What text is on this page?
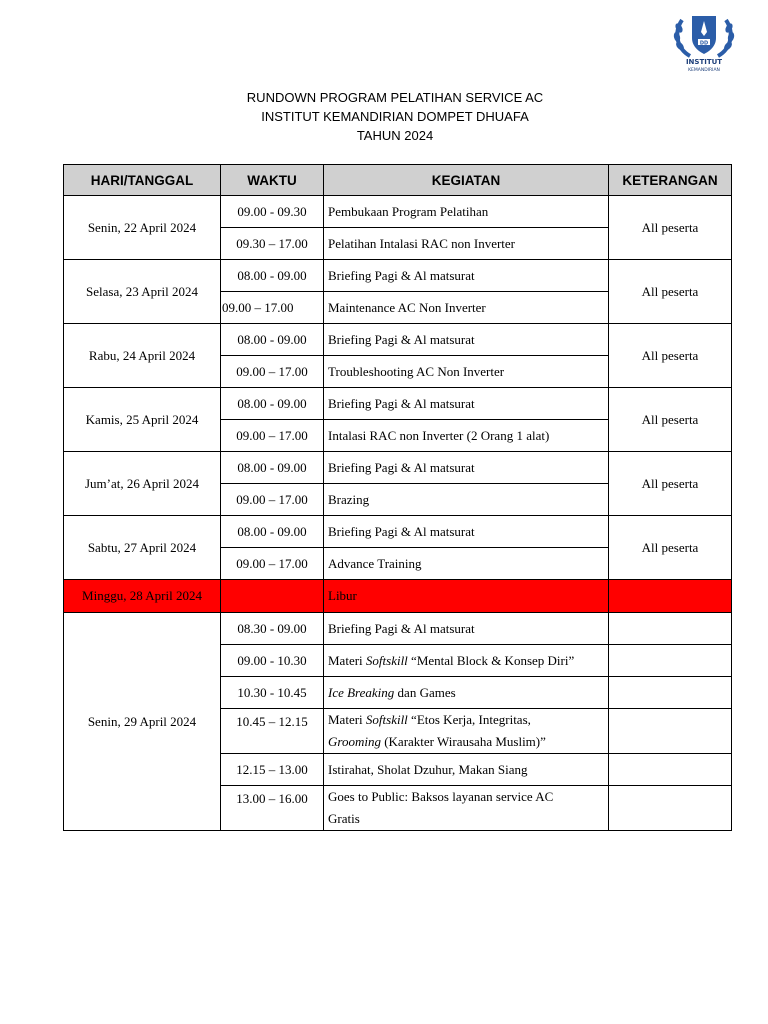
DD
INSTITUT
KEMANDIRIAN
RUNDOWN PROGRAM PELATIHAN SERVICE AC
INSTITUT KEMANDIRIAN DOMPET DHUAFA
TAHUN 2024
HARI/TANGGAL	WAKTU	KEGIATAN	KETERANGAN
Senin, 22 April 2024	09.00 - 09.30	Pembukaan Program Pelatihan	All peserta
	09.30 – 17.00	Pelatihan Intalasi RAC non Inverter	
Selasa, 23 April 2024	08.00 - 09.00	Briefing Pagi & Al matsurat	All peserta
	09.00 – 17.00	Maintenance AC Non Inverter	
Rabu, 24 April 2024	08.00 - 09.00	Briefing Pagi & Al matsurat	All peserta
	09.00 – 17.00	Troubleshooting AC Non Inverter	
Kamis, 25 April 2024	08.00 - 09.00	Briefing Pagi & Al matsurat	All peserta
	09.00 – 17.00	Intalasi RAC non Inverter (2 Orang 1 alat)	
Jum’at, 26 April 2024	08.00 - 09.00	Briefing Pagi & Al matsurat	All peserta
	09.00 – 17.00	Brazing	
Sabtu, 27 April 2024	08.00 - 09.00	Briefing Pagi & Al matsurat	All peserta
	09.00 – 17.00	Advance Training	
Minggu, 28 April 2024		Libur	
Senin, 29 April 2024	08.30 - 09.00	Briefing Pagi & Al matsurat	
	09.00 - 10.30	Materi Softskill “Mental Block & Konsep Diri”	
	10.30 - 10.45	Ice Breaking dan Games	
	10.45 – 12.15	Materi Softskill “Etos Kerja, Integritas,
Grooming (Karakter Wirausaha Muslim)”	
	12.15 – 13.00	Istirahat, Sholat Dzuhur, Makan Siang	
	13.00 – 16.00	Goes to Public: Baksos layanan service AC
Gratis	
